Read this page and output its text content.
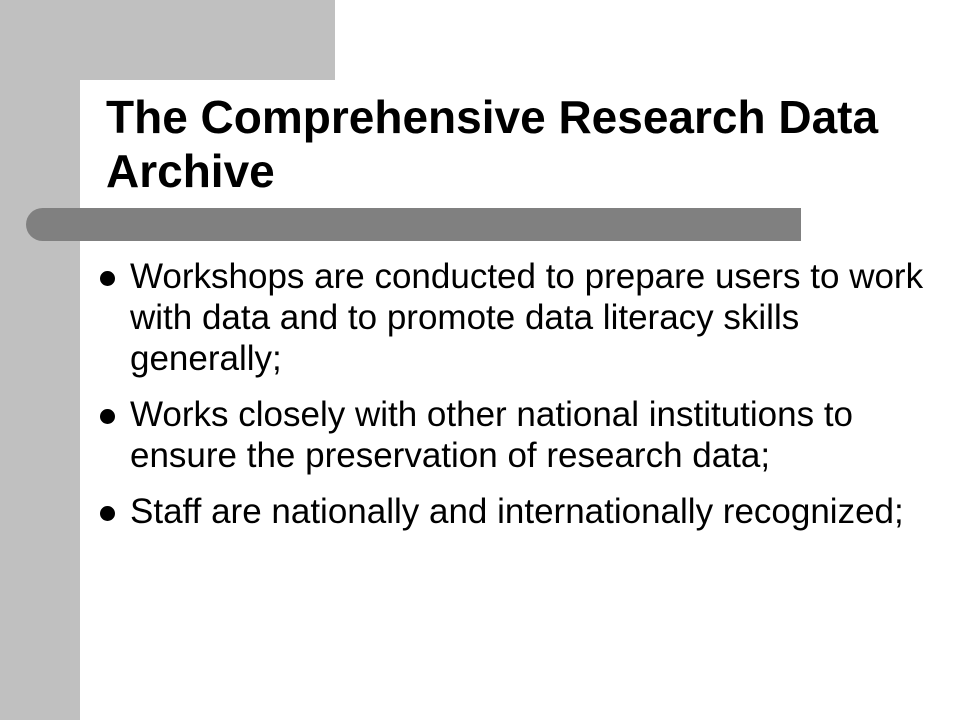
The Comprehensive Research Data Archive
Workshops are conducted to prepare users to work with data and to promote data literacy skills generally;
Works closely with other national institutions to ensure the preservation of research data;
Staff are nationally and internationally recognized;
